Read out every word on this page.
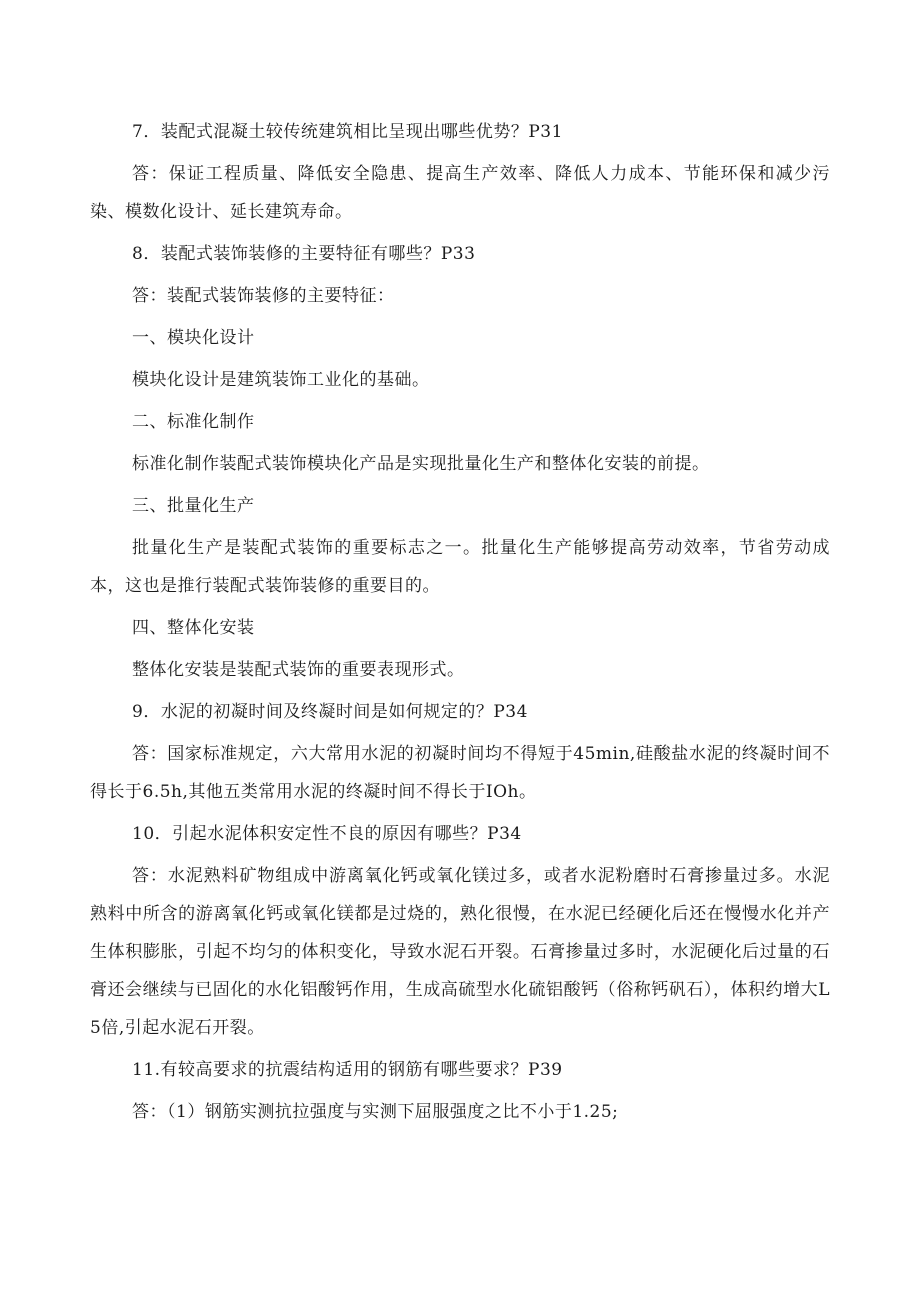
7．装配式混凝土较传统建筑相比呈现出哪些优势？P31

答：保证工程质量、降低安全隐患、提高生产效率、降低人力成本、节能环保和减少污染、模数化设计、延长建筑寿命。

8．装配式装饰装修的主要特征有哪些？P33

答：装配式装饰装修的主要特征：

一、模块化设计

模块化设计是建筑装饰工业化的基础。

二、标准化制作

标准化制作装配式装饰模块化产品是实现批量化生产和整体化安装的前提。

三、批量化生产

批量化生产是装配式装饰的重要标志之一。批量化生产能够提高劳动效率，节省劳动成本，这也是推行装配式装饰装修的重要目的。

四、整体化安装

整体化安装是装配式装饰的重要表现形式。

9．水泥的初凝时间及终凝时间是如何规定的？P34

答：国家标准规定，六大常用水泥的初凝时间均不得短于45min,硅酸盐水泥的终凝时间不得长于6.5h,其他五类常用水泥的终凝时间不得长于IOh。

10．引起水泥体积安定性不良的原因有哪些？P34

答：水泥熟料矿物组成中游离氧化钙或氧化镁过多，或者水泥粉磨时石膏掺量过多。水泥熟料中所含的游离氧化钙或氧化镁都是过烧的，熟化很慢，在水泥已经硬化后还在慢慢水化并产生体积膨胀，引起不均匀的体积变化，导致水泥石开裂。石膏掺量过多时，水泥硬化后过量的石膏还会继续与已固化的水化铝酸钙作用，生成高硫型水化硫铝酸钙（俗称钙矾石），体积约增大L5倍,引起水泥石开裂。

11.有较高要求的抗震结构适用的钢筋有哪些要求？P39

答：（1）钢筋实测抗拉强度与实测下屈服强度之比不小于1.25;
